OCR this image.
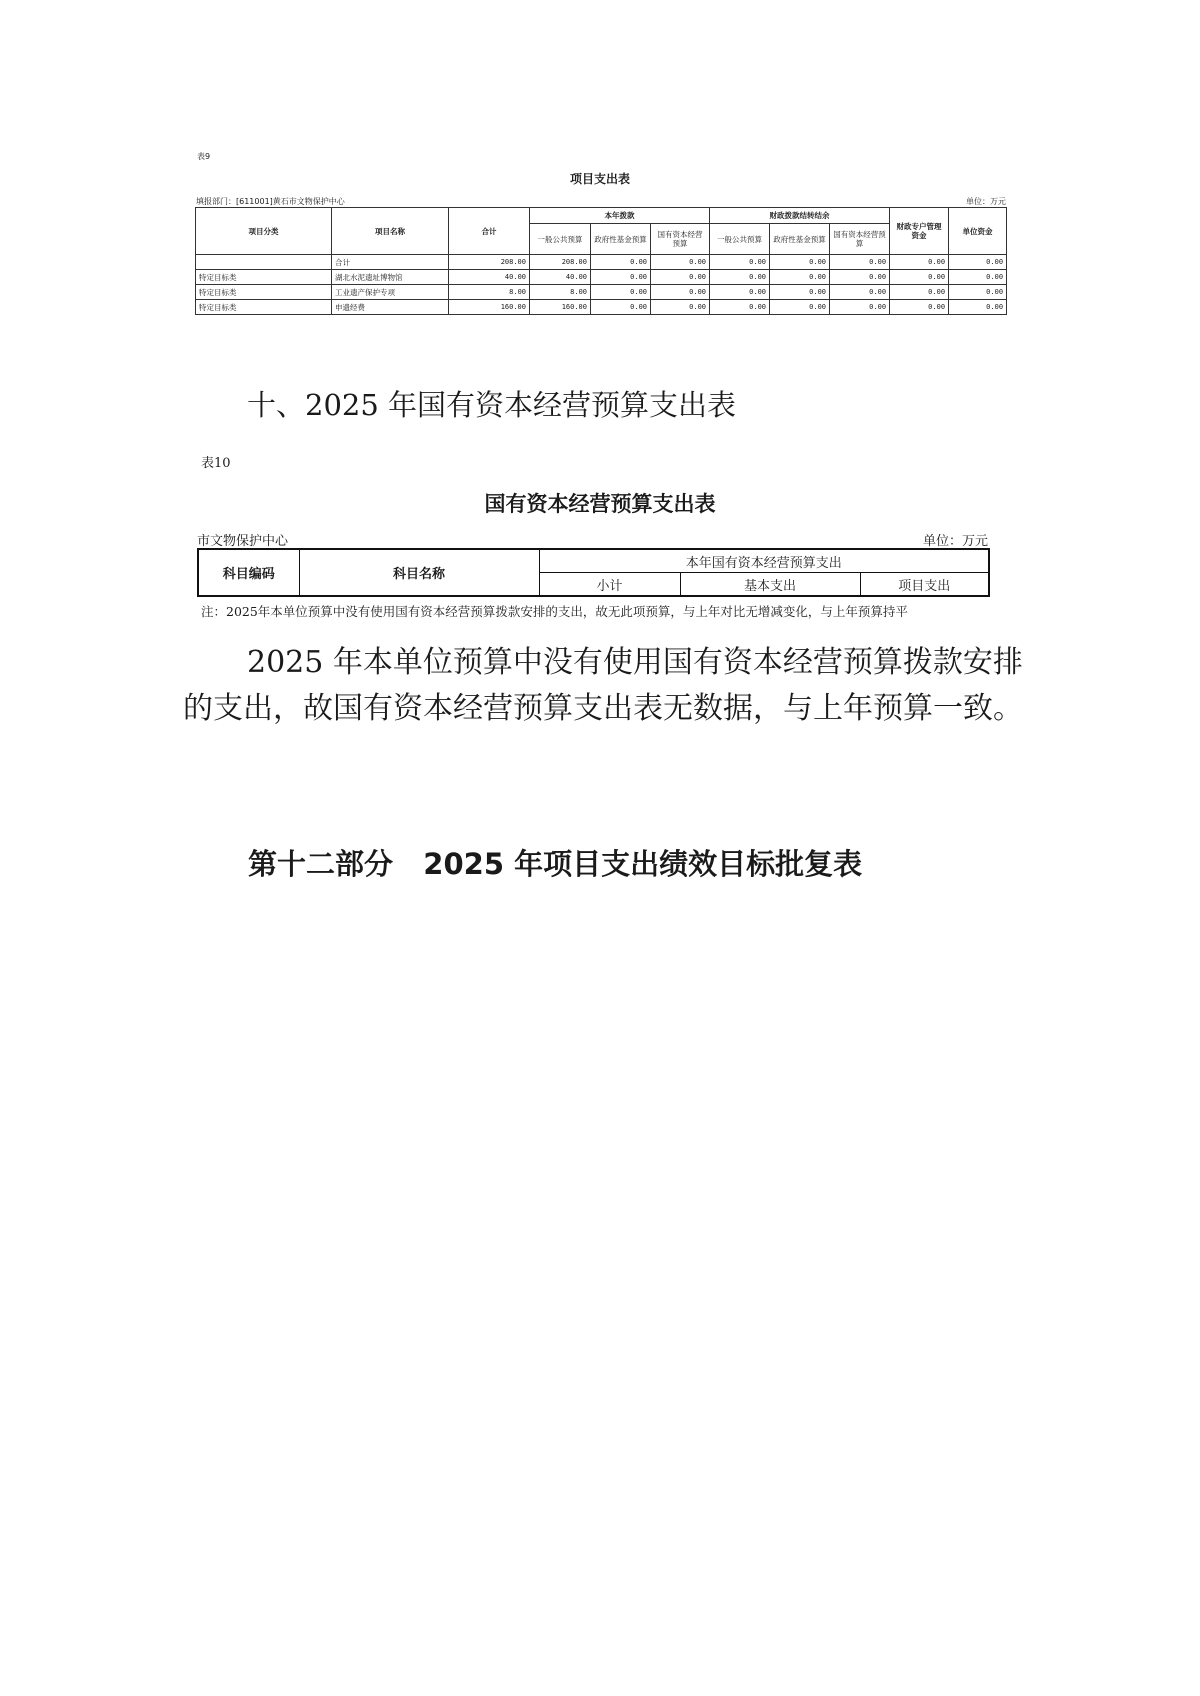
表9
项目支出表
填报部门：[611001]黄石市文物保护中心	单位：万元
项目分类	项目名称	合计	本年拨款			财政拨款结转结余			财政专户管理资金	单位资金
			一般公共预算	政府性基金预算	国有资本经营预算	一般公共预算	政府性基金预算	国有资本经营预算		
	合计	208.00	208.00	0.00	0.00	0.00	0.00	0.00	0.00	0.00
特定目标类	湖北水泥遗址博物馆	40.00	40.00	0.00	0.00	0.00	0.00	0.00	0.00	0.00
特定目标类	工业遗产保护专项	8.00	8.00	0.00	0.00	0.00	0.00	0.00	0.00	0.00
特定目标类	申遗经费	160.00	160.00	0.00	0.00	0.00	0.00	0.00	0.00	0.00
十、2025 年国有资本经营预算支出表
表10
国有资本经营预算支出表
市文物保护中心	单位：万元
科目编码	科目名称	本年国有资本经营预算支出		
		小计	基本支出	项目支出
注：2025年本单位预算中没有使用国有资本经营预算拨款安排的支出，故无此项预算，与上年对比无增减变化，与上年预算持平
2025 年本单位预算中没有使用国有资本经营预算拨款安排的支出，故国有资本经营预算支出表无数据，与上年预算一致。
第十二部分   2025 年项目支出绩效目标批复表
